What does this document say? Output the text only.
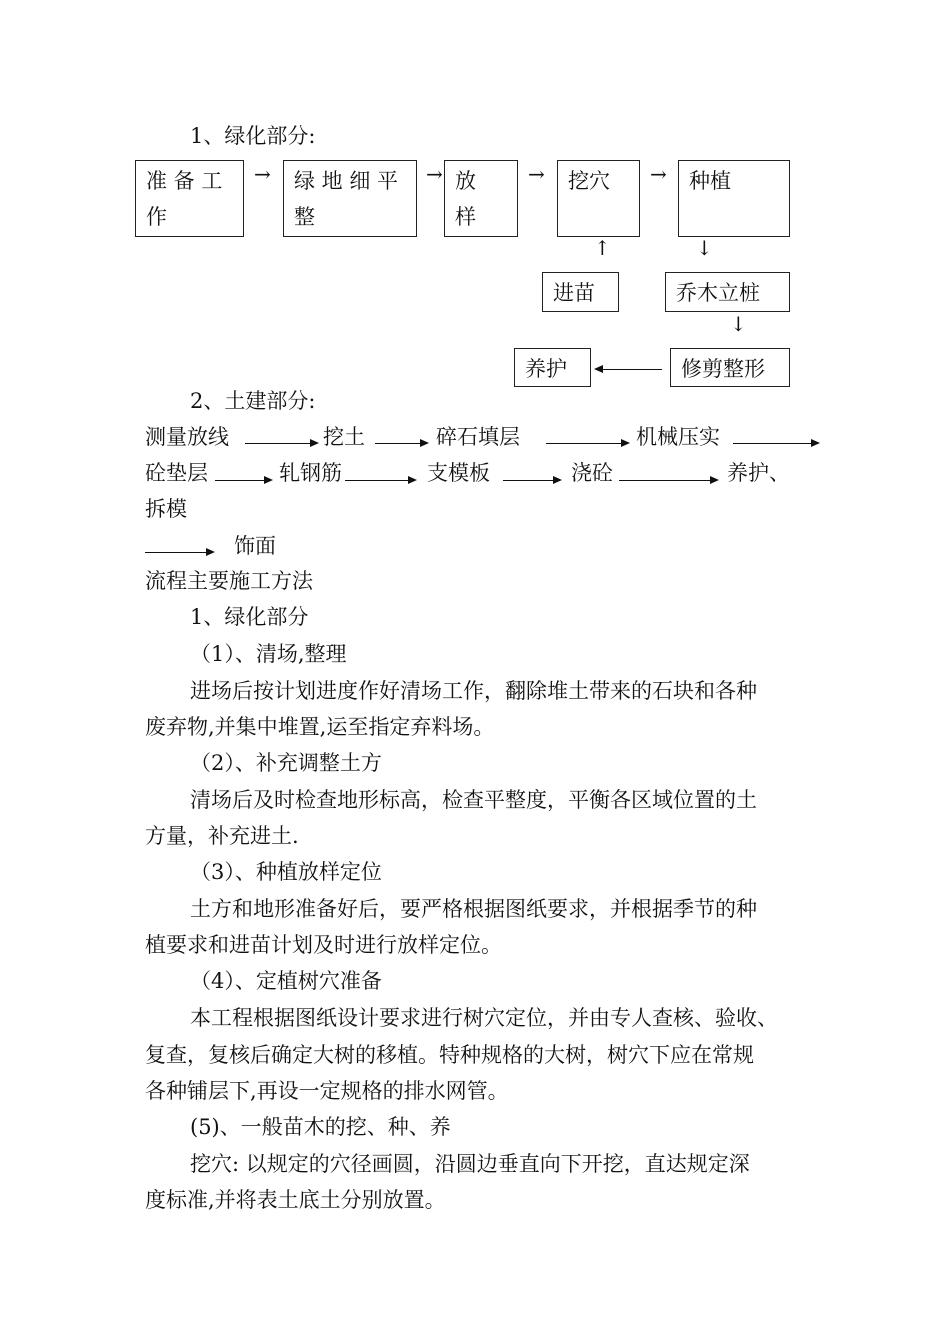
1、绿化部分:
准 备 工
作
→ 绿 地 细 平
整
→ 放
样
→ 挖穴	→ 种植
↑	↓
进苗	乔木立桩
↓
养护	修剪整形
2、土建部分:
测量放线	挖土	碎石填层	机械压实
砼垫层	轧钢筋	支模板	浇砼	养护、
拆模
饰面
流程主要施工方法
1、绿化部分
（1）、清场,整理
进场后按计划进度作好清场工作，翻除堆土带来的石块和各种
废弃物,并集中堆置,运至指定弃料场。
（2）、补充调整土方
清场后及时检查地形标高，检查平整度，平衡各区域位置的土
方量，补充进土.
（3）、种植放样定位
土方和地形准备好后，要严格根据图纸要求，并根据季节的种
植要求和进苗计划及时进行放样定位。
（4）、定植树穴准备
本工程根据图纸设计要求进行树穴定位，并由专人查核、验收、
复查，复核后确定大树的移植。特种规格的大树，树穴下应在常规
各种铺层下,再设一定规格的排水网管。
(5)、一般苗木的挖、种、养
挖穴: 以规定的穴径画圆，沿圆边垂直向下开挖，直达规定深
度标准,并将表土底土分别放置。
